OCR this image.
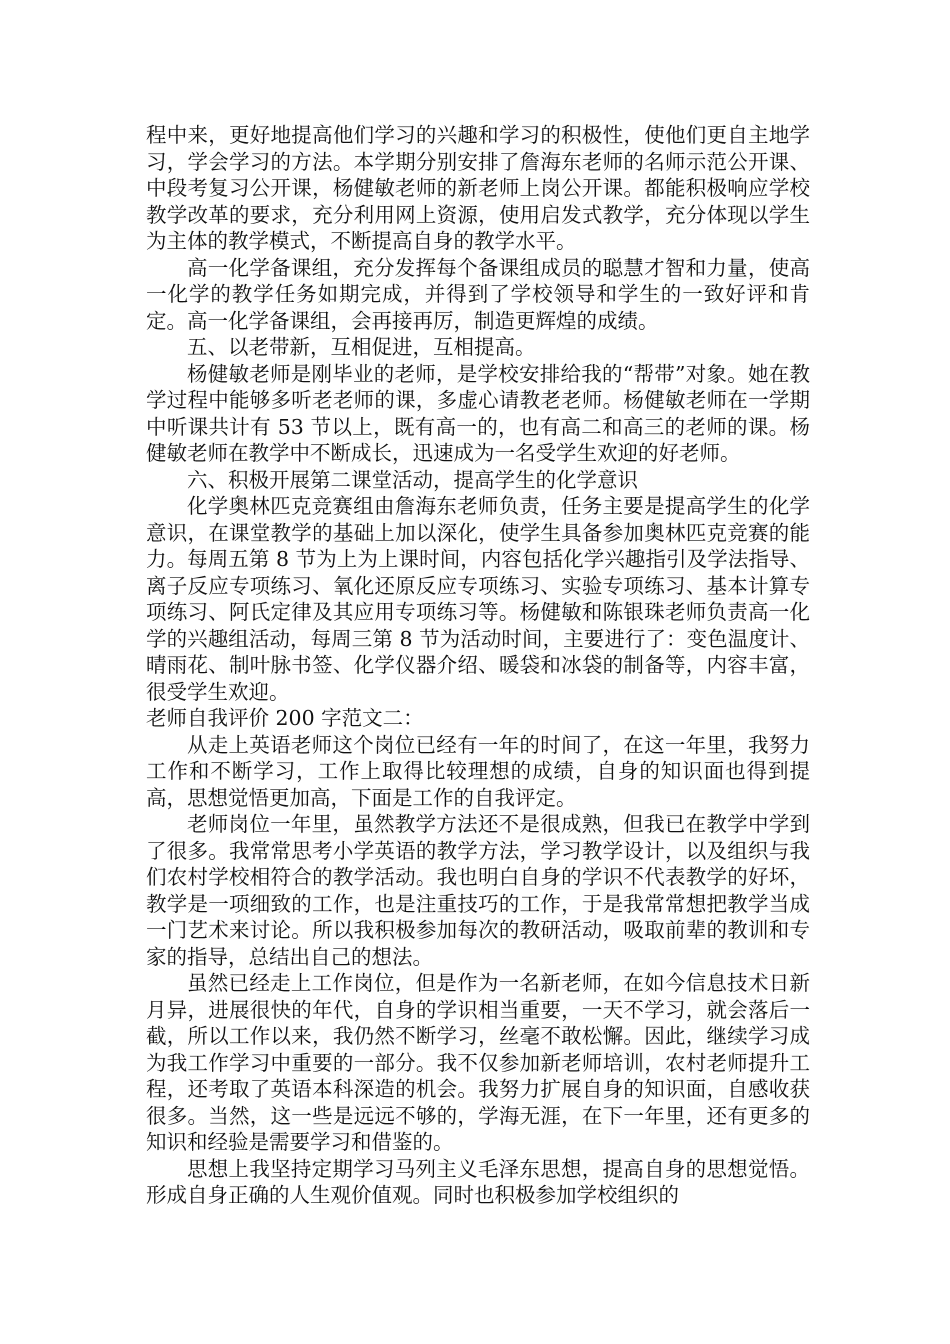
程中来，更好地提高他们学习的兴趣和学习的积极性，使他们更自主地学习，学会学习的方法。本学期分别安排了詹海东老师的名师示范公开课、中段考复习公开课，杨健敏老师的新老师上岗公开课。都能积极响应学校教学改革的要求，充分利用网上资源，使用启发式教学，充分体现以学生为主体的教学模式，不断提高自身的教学水平。

高一化学备课组，充分发挥每个备课组成员的聪慧才智和力量，使高一化学的教学任务如期完成，并得到了学校领导和学生的一致好评和肯定。高一化学备课组，会再接再厉，制造更辉煌的成绩。

五、以老带新，互相促进，互相提高。

杨健敏老师是刚毕业的老师，是学校安排给我的“帮带”对象。她在教学过程中能够多听老老师的课，多虚心请教老老师。杨健敏老师在一学期中听课共计有 53 节以上，既有高一的，也有高二和高三的老师的课。杨健敏老师在教学中不断成长，迅速成为一名受学生欢迎的好老师。

六、积极开展第二课堂活动，提高学生的化学意识

化学奥林匹克竞赛组由詹海东老师负责，任务主要是提高学生的化学意识，在课堂教学的基础上加以深化，使学生具备参加奥林匹克竞赛的能力。每周五第 8 节为上为上课时间，内容包括化学兴趣指引及学法指导、离子反应专项练习、氧化还原反应专项练习、实验专项练习、基本计算专项练习、阿氏定律及其应用专项练习等。杨健敏和陈银珠老师负责高一化学的兴趣组活动，每周三第 8 节为活动时间，主要进行了：变色温度计、晴雨花、制叶脉书签、化学仪器介绍、暖袋和冰袋的制备等，内容丰富，很受学生欢迎。

老师自我评价 200 字范文二：

从走上英语老师这个岗位已经有一年的时间了，在这一年里，我努力工作和不断学习，工作上取得比较理想的成绩，自身的知识面也得到提高，思想觉悟更加高，下面是工作的自我评定。

老师岗位一年里，虽然教学方法还不是很成熟，但我已在教学中学到了很多。我常常思考小学英语的教学方法，学习教学设计，以及组织与我们农村学校相符合的教学活动。我也明白自身的学识不代表教学的好坏，教学是一项细致的工作，也是注重技巧的工作，于是我常常想把教学当成一门艺术来讨论。所以我积极参加每次的教研活动，吸取前辈的教训和专家的指导，总结出自己的想法。

虽然已经走上工作岗位，但是作为一名新老师，在如今信息技术日新月异，进展很快的年代，自身的学识相当重要，一天不学习，就会落后一截，所以工作以来，我仍然不断学习，丝毫不敢松懈。因此，继续学习成为我工作学习中重要的一部分。我不仅参加新老师培训，农村老师提升工程，还考取了英语本科深造的机会。我努力扩展自身的知识面，自感收获很多。当然，这一些是远远不够的，学海无涯，在下一年里，还有更多的知识和经验是需要学习和借鉴的。

思想上我坚持定期学习马列主义毛泽东思想，提高自身的思想觉悟。形成自身正确的人生观价值观。同时也积极参加学校组织的
